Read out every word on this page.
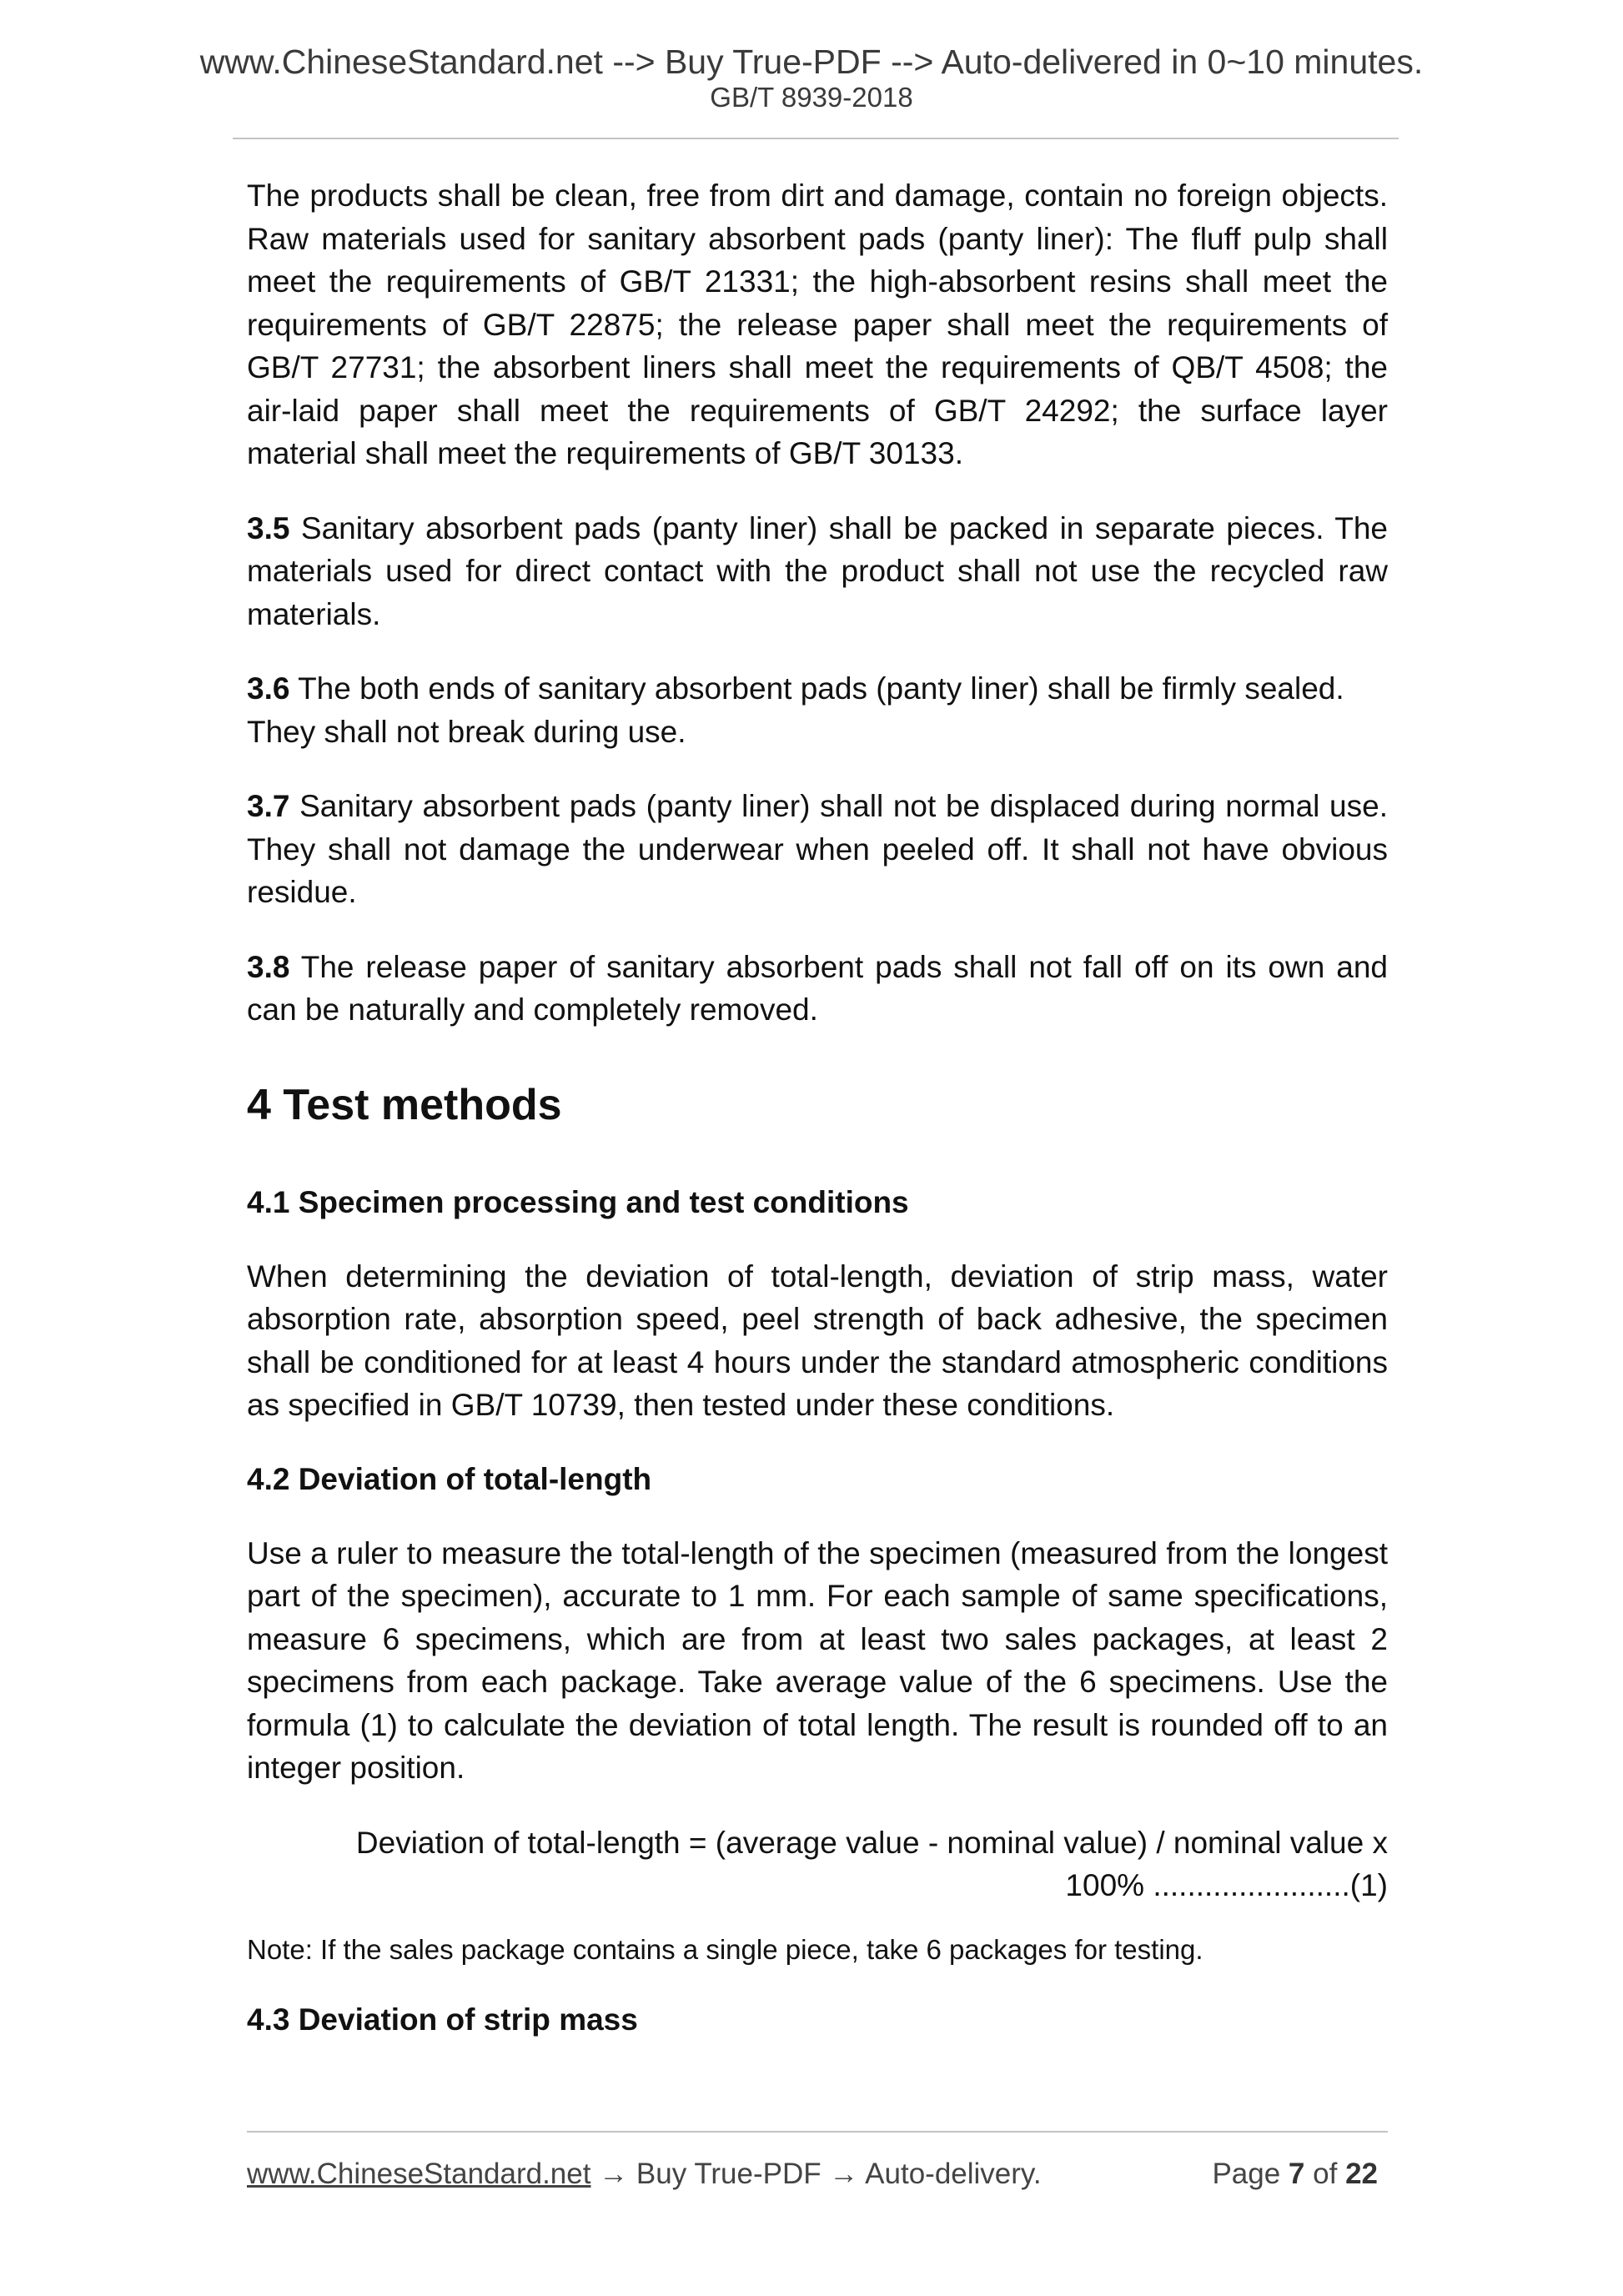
www.ChineseStandard.net --> Buy True-PDF --> Auto-delivered in 0~10 minutes.
GB/T 8939-2018

The products shall be clean, free from dirt and damage, contain no foreign objects. Raw materials used for sanitary absorbent pads (panty liner): The fluff pulp shall meet the requirements of GB/T 21331; the high-absorbent resins shall meet the requirements of GB/T 22875; the release paper shall meet the requirements of GB/T 27731; the absorbent liners shall meet the requirements of QB/T 4508; the air-laid paper shall meet the requirements of GB/T 24292; the surface layer material shall meet the requirements of GB/T 30133.

3.5 Sanitary absorbent pads (panty liner) shall be packed in separate pieces. The materials used for direct contact with the product shall not use the recycled raw materials.

3.6 The both ends of sanitary absorbent pads (panty liner) shall be firmly sealed. They shall not break during use.

3.7 Sanitary absorbent pads (panty liner) shall not be displaced during normal use. They shall not damage the underwear when peeled off. It shall not have obvious residue.

3.8 The release paper of sanitary absorbent pads shall not fall off on its own and can be naturally and completely removed.

4 Test methods
4.1 Specimen processing and test conditions

When determining the deviation of total-length, deviation of strip mass, water absorption rate, absorption speed, peel strength of back adhesive, the specimen shall be conditioned for at least 4 hours under the standard atmospheric conditions as specified in GB/T 10739, then tested under these conditions.

4.2 Deviation of total-length

Use a ruler to measure the total-length of the specimen (measured from the longest part of the specimen), accurate to 1 mm. For each sample of same specifications, measure 6 specimens, which are from at least two sales packages, at least 2 specimens from each package. Take average value of the 6 specimens. Use the formula (1) to calculate the deviation of total length. The result is rounded off to an integer position.

Deviation of total-length = (average value - nominal value) / nominal value x
100% .......................(1)

Note: If the sales package contains a single piece, take 6 packages for testing.

4.3 Deviation of strip mass
www.ChineseStandard.net → Buy True-PDF → Auto-delivery.	Page 7 of 22
